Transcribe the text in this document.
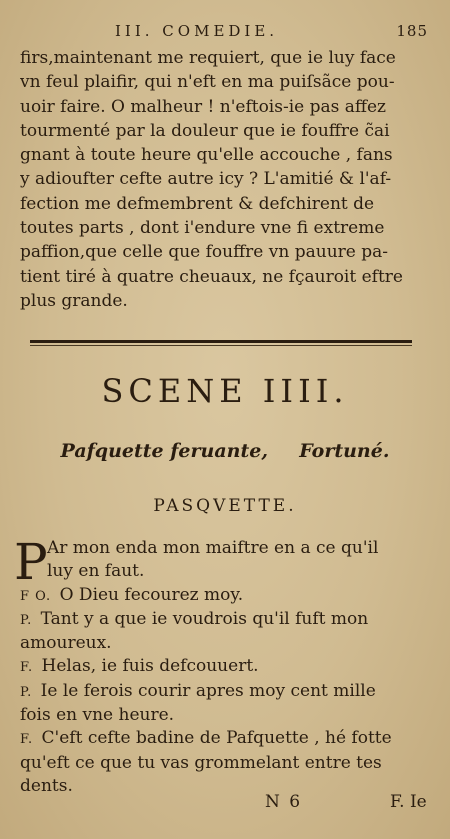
III. COMEDIE.	185
firs,maintenant me requiert, que ie luy face
vn feul plaifir, qui n'eft en ma puiſsãce pou-
uoir faire. O malheur ! n'eftois-ie pas affez
tourmenté par la douleur que ie fouffre c̃ai
gnant à toute heure qu'elle accouche , fans
y adioufter cefte autre icy ? L'amitié & l'af-
fection me defmembrent & defchirent de
toutes parts , dont i'endure vne fi extreme
paffion,que celle que fouffre vn pauure pa-
tient tiré à quatre cheuaux, ne fçauroit eftre
plus grande.
SCENE IIII.
Pafquette feruante, Fortuné.
PASQVETTE.
P Ar mon enda mon maiftre en a ce qu'il
luy en faut.
F O. O Dieu fecourez moy.
P. Tant y a que ie voudrois qu'il fuft mon
amoureux.
F. Helas, ie fuis defcouuert.
P. Ie le ferois courir apres moy cent mille
fois en vne heure.
F. C'eft cefte badine de Pafquette , hé fotte
qu'eft ce que tu vas grommelant entre tes
dents.
N 6	F. Ie
